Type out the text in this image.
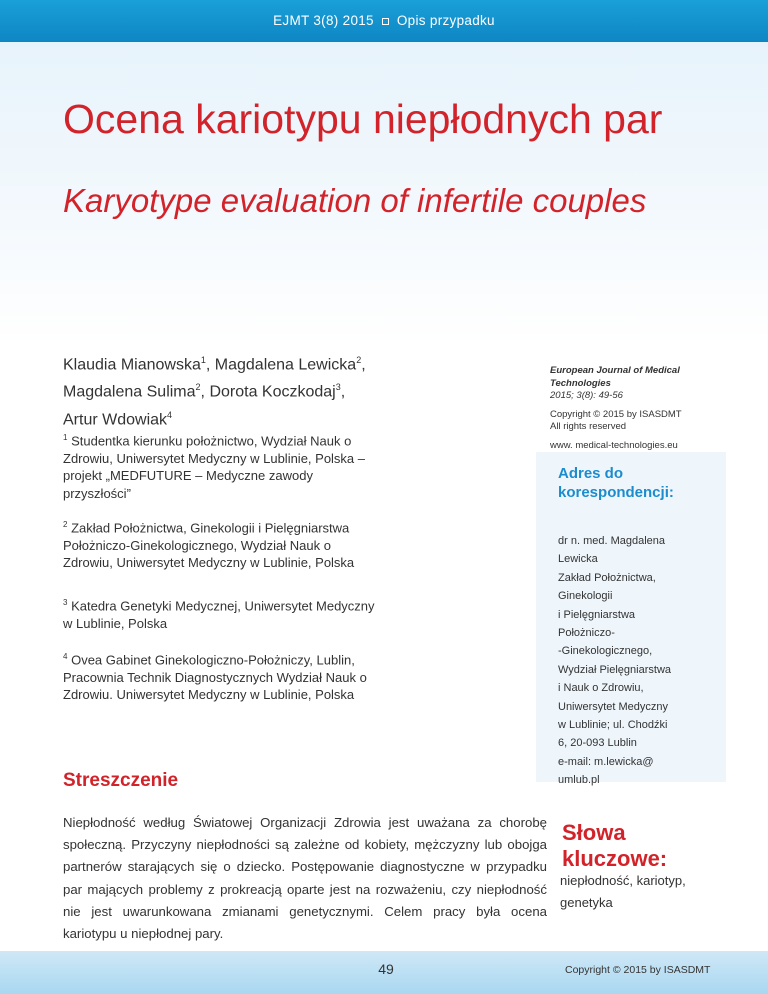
EJMT 3(8) 2015 Opis przypadku
Ocena kariotypu niepłodnych par
Karyotype evaluation of infertile couples
Klaudia Mianowska$^1$, Magdalena Lewicka$^2$, Magdalena Sulima$^2$, Dorota Koczkodaj$^3$, Artur Wdowiak$^4$
$^1$ Studentka kierunku położnictwo, Wydział Nauk o Zdrowiu, Uniwersytet Medyczny w Lublinie, Polska – projekt „MEDFUTURE – Medyczne zawody przyszłości”
$^2$ Zakład Położnictwa, Ginekologii i Pielęgniarstwa Położniczo-Ginekologicznego, Wydział Nauk o Zdrowiu, Uniwersytet Medyczny w Lublinie, Polska
$^3$ Katedra Genetyki Medycznej, Uniwersytet Medyczny w Lublinie, Polska
$^4$ Ovea Gabinet Ginekologiczno-Położniczy, Lublin, Pracownia Technik Diagnostycznych Wydział Nauk o Zdrowiu. Uniwersytet Medyczny w Lublinie, Polska
European Journal of Medical Technologies
2015; 3(8): 49-56
Copyright © 2015 by ISASDMT
All rights reserved
www. medical-technologies.eu
Adres do korespondencji:
dr n. med. Magdalena
Lewicka
Zakład Położnictwa,
Ginekologii
i Pielęgniarstwa
Położniczo-
-Ginekologicznego,
Wydział Pielęgniarstwa
i Nauk o Zdrowiu,
Uniwersytet Medyczny
w Lublinie; ul. Chodźki
6, 20-093 Lublin
e-mail: m.lewicka@
umlub.pl
Streszczenie
Niepłodność według Światowej Organizacji Zdrowia jest uważana za chorobę społeczną. Przyczyny niepłodności są zależne od kobiety, mężczyzny lub obojga partnerów starających się o dziecko. Postępowanie diagnostyczne w przypadku par mających problemy z prokreacją oparte jest na rozważeniu, czy niepłodność nie jest uwarunkowana zmianami genetycznymi. Celem pracy była ocena kariotypu u niepłodnej pary.
Słowa kluczowe:
niepłodność, kariotyp, genetyka
49	Copyright © 2015 by ISASDMT
